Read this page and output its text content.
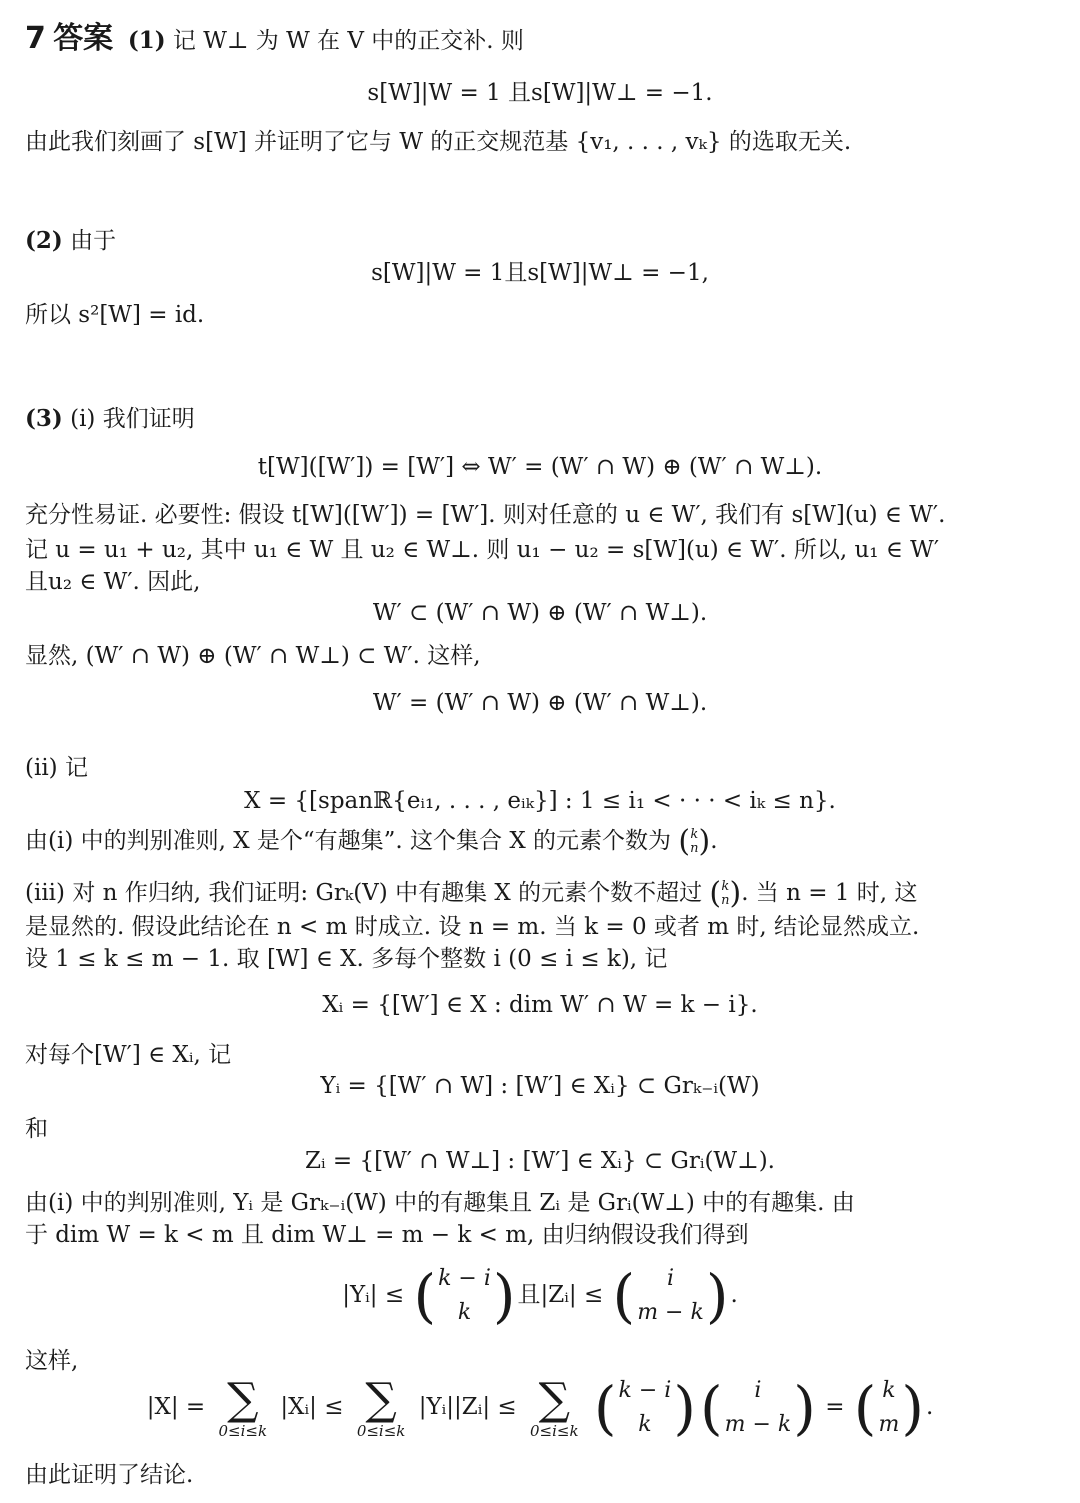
7 答案 (1) 记 W⊥ 为 W 在 V 中的正交补. 则
s[W]|W = 1 且s[W]|W⊥ = −1.
由此我们刻画了 s[W] 并证明了它与 W 的正交规范基 {v₁, . . . , vₖ} 的选取无关.
(2) 由于
s[W]|W = 1且s[W]|W⊥ = −1,
所以 s²[W] = id.
(3) (i) 我们证明
t[W]([W′]) = [W′] ⇔ W′ = (W′ ∩ W) ⊕ (W′ ∩ W⊥).
充分性易证. 必要性: 假设 t[W]([W′]) = [W′]. 则对任意的 u ∈ W′, 我们有 s[W](u) ∈ W′.
记 u = u₁ + u₂, 其中 u₁ ∈ W 且 u₂ ∈ W⊥. 则 u₁ − u₂ = s[W](u) ∈ W′. 所以, u₁ ∈ W′
且u₂ ∈ W′. 因此,
W′ ⊂ (W′ ∩ W) ⊕ (W′ ∩ W⊥).
显然, (W′ ∩ W) ⊕ (W′ ∩ W⊥) ⊂ W′. 这样,
W′ = (W′ ∩ W) ⊕ (W′ ∩ W⊥).
(ii) 记
X = {[spanℝ{eᵢ₁, . . . , eᵢₖ}] : 1 ≤ i₁ < · · · < iₖ ≤ n}.
由(i) 中的判别准则, X 是个“有趣集”. 这个集合 X 的元素个数为 ( k
n ) .
(iii) 对 n 作归纳, 我们证明: Grₖ(V) 中有趣集 X 的元素个数不超过 ( k
n ) . 当 n = 1 时, 这
是显然的. 假设此结论在 n < m 时成立. 设 n = m. 当 k = 0 或者 m 时, 结论显然成立.
设 1 ≤ k ≤ m − 1. 取 [W] ∈ X. 多每个整数 i (0 ≤ i ≤ k), 记
Xᵢ = {[W′] ∈ X : dim W′ ∩ W = k − i}.
对每个[W′] ∈ Xᵢ, 记
Yᵢ = {[W′ ∩ W] : [W′] ∈ Xᵢ} ⊂ Grₖ₋ᵢ(W)
和
Zᵢ = {[W′ ∩ W⊥] : [W′] ∈ Xᵢ} ⊂ Grᵢ(W⊥).
由(i) 中的判别准则, Yᵢ 是 Grₖ₋ᵢ(W) 中的有趣集且 Zᵢ 是 Grᵢ(W⊥) 中的有趣集. 由
于 dim W = k < m 且 dim W⊥ = m − k < m, 由归纳假设我们得到
|Yᵢ| ≤ ( k − i
k ) 且|Zᵢ| ≤ ( i
m − k ) .
这样,
|X| = ∑
0≤i≤k
|Xᵢ| ≤ ∑
0≤i≤k
|Yᵢ||Zᵢ| ≤ ∑
0≤i≤k
( k − i
k ) ( i
m − k ) = ( k
m ) .
由此证明了结论.
